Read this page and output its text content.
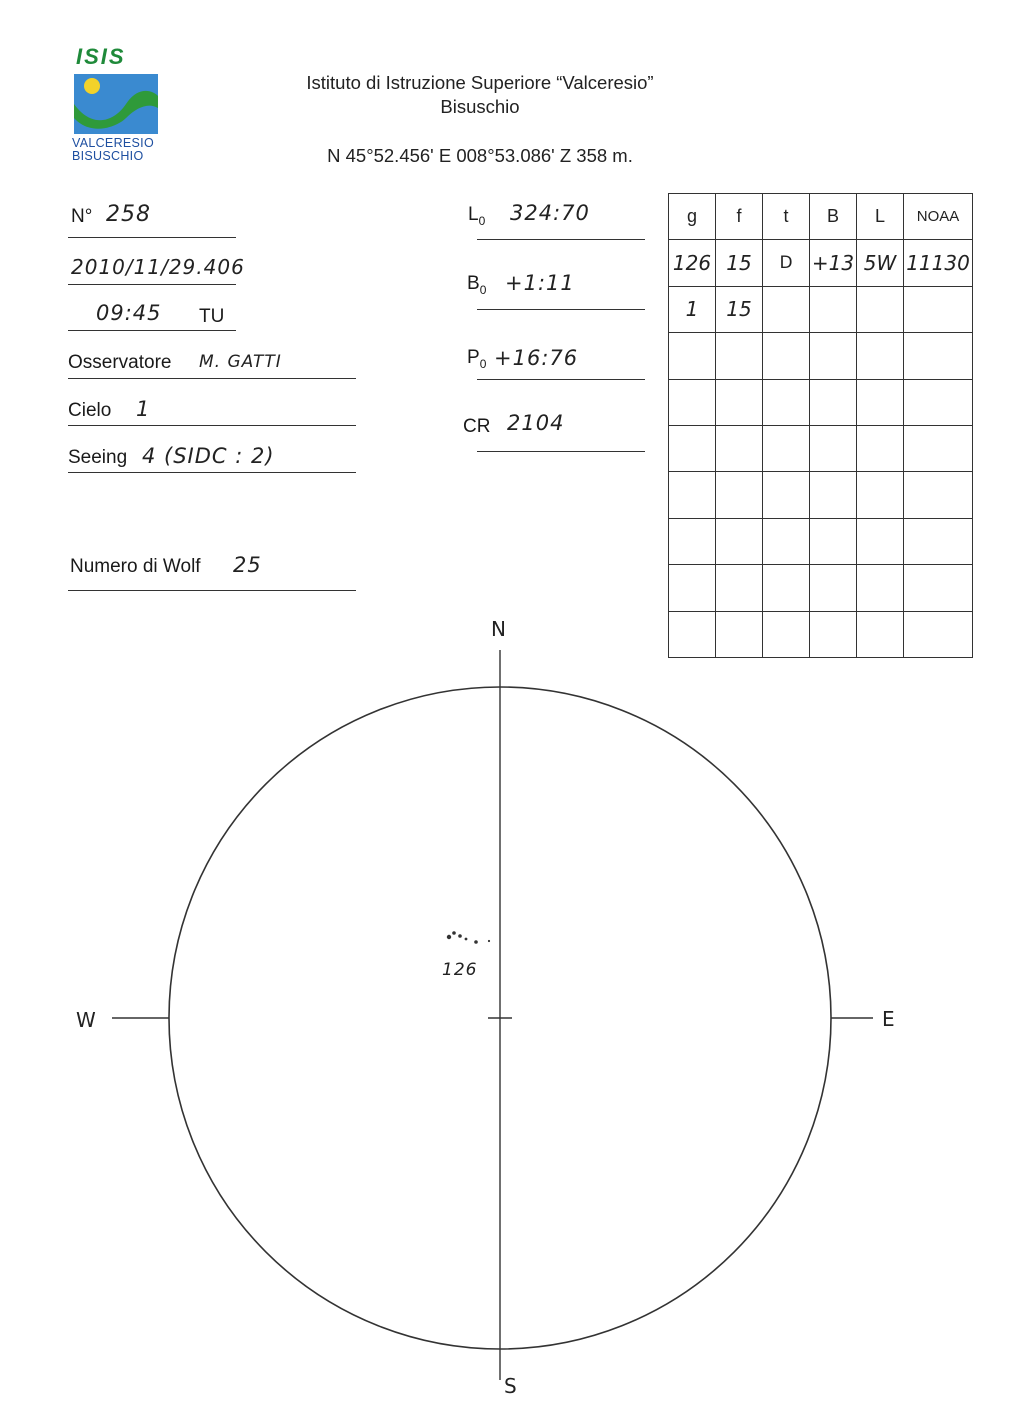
ISIS
VALCERESIO
BISUSCHIO
Istituto di Istruzione Superiore “Valceresio”
Bisuschio
N 45°52.456' E 008°53.086' Z 358 m.
N° 258
2010/11/29.406
09:45 TU
Osservatore M. GATTI
Cielo 1
Seeing 4 (SIDC : 2)
Numero di Wolf 25
$L_0$ 324:70
$B_0$ +1:11
$P_0$ +16:76
CR 2104
g	f	t	B	L	NOAA
126	15	D	+13	5W	11130
1	15				

N
S
W	E
126
